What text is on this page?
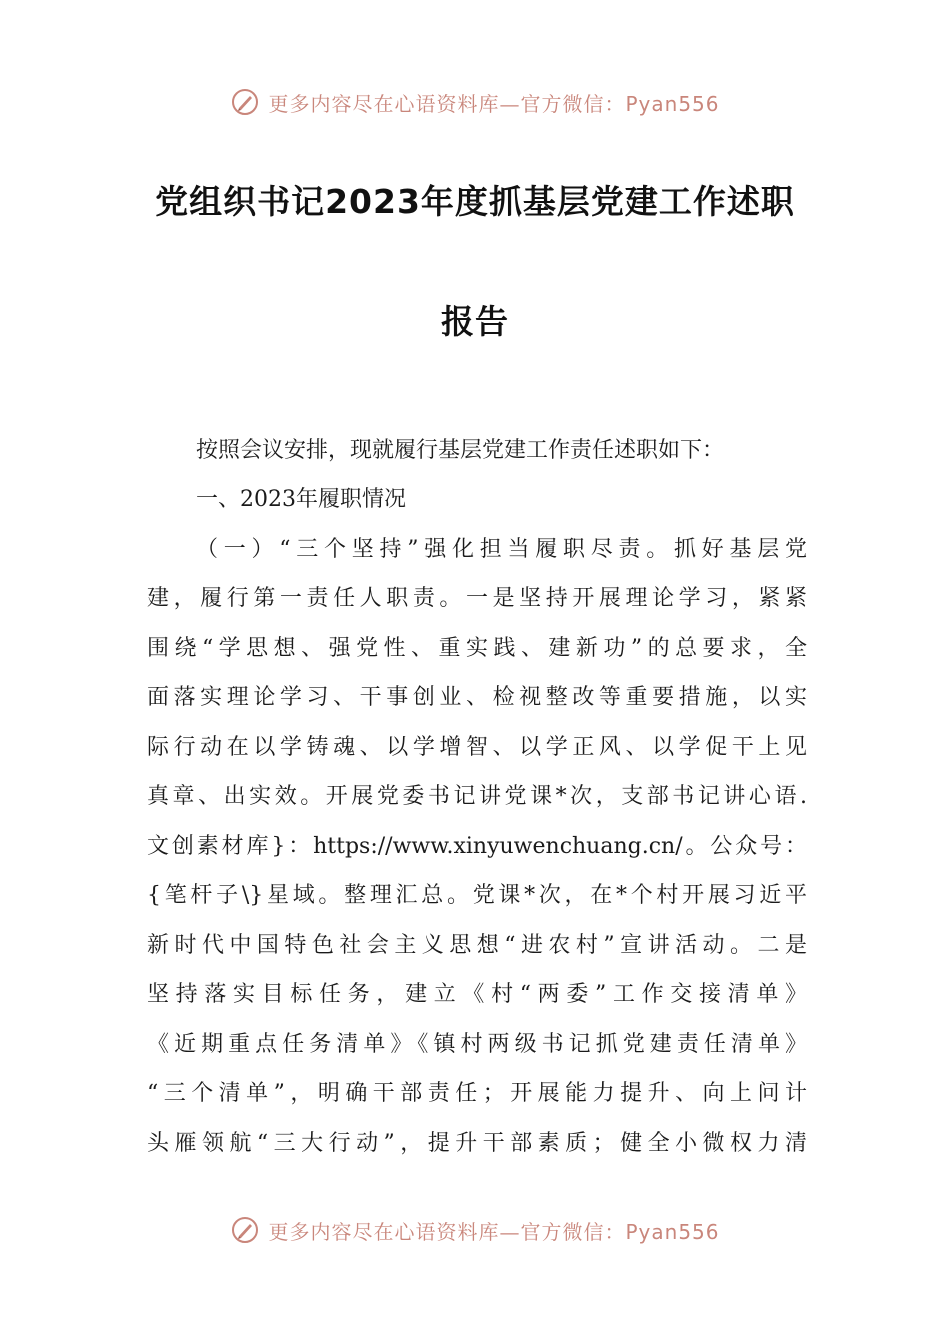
更多内容尽在心语资料库—官方微信：Pyan556
党组织书记2023年度抓基层党建工作述职
报告
按照会议安排，现就履行基层党建工作责任述职如下：
一、2023年履职情况
（一）“三个坚持”强化担当履职尽责。抓好基层党
建，履行第一责任人职责。一是坚持开展理论学习，紧紧
围绕“学思想、强党性、重实践、建新功”的总要求，全
面落实理论学习、干事创业、检视整改等重要措施，以实
际行动在以学铸魂、以学增智、以学正风、以学促干上见
真章、出实效。开展党委书记讲党课*次，支部书记讲心语.
文创素材库}：https://www.xinyuwenchuang.cn/。公众号：
{笔杆子\}星域。整理汇总。党课*次，在*个村开展习近平
新时代中国特色社会主义思想“进农村”宣讲活动。二是
坚持落实目标任务，建立《村“两委”工作交接清单》
《近期重点任务清单》《镇村两级书记抓党建责任清单》
“三个清单”，明确干部责任；开展能力提升、向上问计
头雁领航“三大行动”，提升干部素质；健全小微权力清
更多内容尽在心语资料库—官方微信：Pyan556
